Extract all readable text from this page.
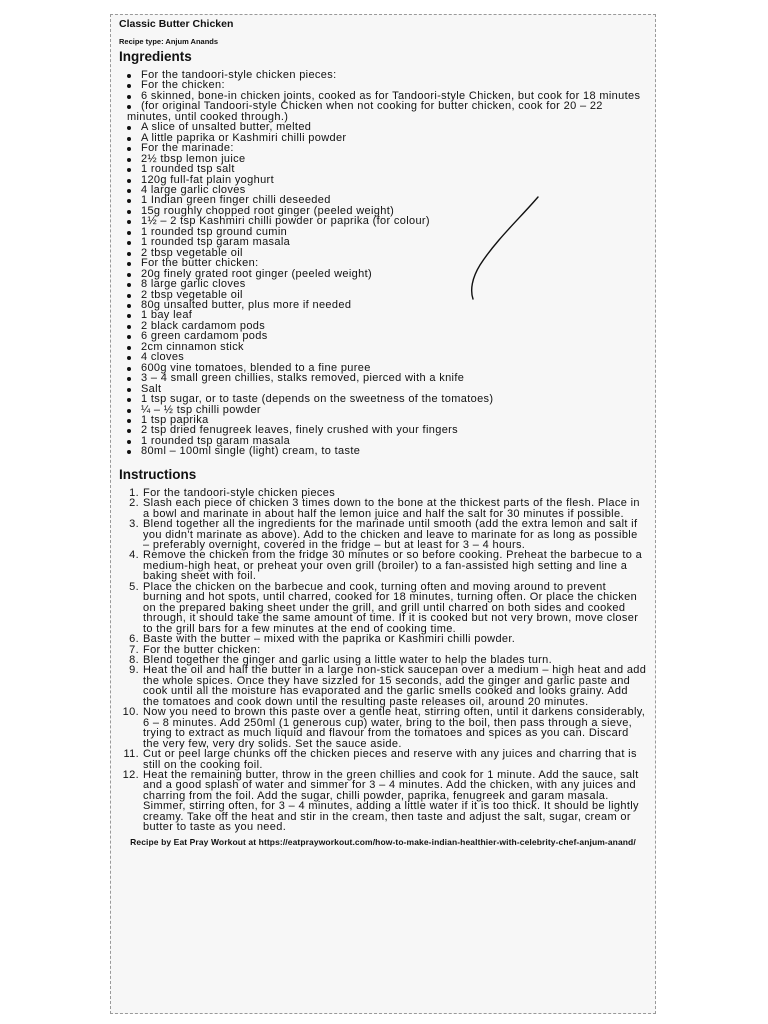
Classic Butter Chicken

Recipe type: Anjum Anands

Ingredients
For the tandoori-style chicken pieces:
For the chicken:
6 skinned, bone-in chicken joints, cooked as for Tandoori-style Chicken, but cook for 18 minutes
(for original Tandoori-style Chicken when not cooking for butter chicken, cook for 20 – 22 minutes, until cooked through.)
A slice of unsalted butter, melted
A little paprika or Kashmiri chilli powder
For the marinade:
2½ tbsp lemon juice
1 rounded tsp salt
120g full-fat plain yoghurt
4 large garlic cloves
1 Indian green finger chilli deseeded
15g roughly chopped root ginger (peeled weight)
1½ – 2 tsp Kashmiri chilli powder or paprika (for colour)
1 rounded tsp ground cumin
1 rounded tsp garam masala
2 tbsp vegetable oil
For the butter chicken:
20g finely grated root ginger (peeled weight)
8 large garlic cloves
2 tbsp vegetable oil
80g unsalted butter, plus more if needed
1 bay leaf
2 black cardamom pods
6 green cardamom pods
2cm cinnamon stick
4 cloves
600g vine tomatoes, blended to a fine puree
3 – 4 small green chillies, stalks removed, pierced with a knife
Salt
1 tsp sugar, or to taste (depends on the sweetness of the tomatoes)
¼ – ½ tsp chilli powder
1 tsp paprika
2 tsp dried fenugreek leaves, finely crushed with your fingers
1 rounded tsp garam masala
80ml – 100ml single (light) cream, to taste
Instructions
1. For the tandoori-style chicken pieces
2. Slash each piece of chicken 3 times down to the bone at the thickest parts of the flesh. Place in a bowl and marinate in about half the lemon juice and half the salt for 30 minutes if possible.
3. Blend together all the ingredients for the marinade until smooth (add the extra lemon and salt if you didn't marinate as above). Add to the chicken and leave to marinate for as long as possible – preferably overnight, covered in the fridge – but at least for 3 – 4 hours.
4. Remove the chicken from the fridge 30 minutes or so before cooking. Preheat the barbecue to a medium-high heat, or preheat your oven grill (broiler) to a fan-assisted high setting and line a baking sheet with foil.
5. Place the chicken on the barbecue and cook, turning often and moving around to prevent burning and hot spots, until charred, cooked for 18 minutes, turning often. Or place the chicken on the prepared baking sheet under the grill, and grill until charred on both sides and cooked through, it should take the same amount of time. If it is cooked but not very brown, move closer to the grill bars for a few minutes at the end of cooking time.
6. Baste with the butter – mixed with the paprika or Kashmiri chilli powder.
7. For the butter chicken:
8. Blend together the ginger and garlic using a little water to help the blades turn.
9. Heat the oil and half the butter in a large non-stick saucepan over a medium – high heat and add the whole spices. Once they have sizzled for 15 seconds, add the ginger and garlic paste and cook until all the moisture has evaporated and the garlic smells cooked and looks grainy. Add the tomatoes and cook down until the resulting paste releases oil, around 20 minutes.
10. Now you need to brown this paste over a gentle heat, stirring often, until it darkens considerably, 6 – 8 minutes. Add 250ml (1 generous cup) water, bring to the boil, then pass through a sieve, trying to extract as much liquid and flavour from the tomatoes and spices as you can. Discard the very few, very dry solids. Set the sauce aside.
11. Cut or peel large chunks off the chicken pieces and reserve with any juices and charring that is still on the cooking foil.
12. Heat the remaining butter, throw in the green chillies and cook for 1 minute. Add the sauce, salt and a good splash of water and simmer for 3 – 4 minutes. Add the chicken, with any juices and charring from the foil. Add the sugar, chilli powder, paprika, fenugreek and garam masala. Simmer, stirring often, for 3 – 4 minutes, adding a little water if it is too thick. It should be lightly creamy. Take off the heat and stir in the cream, then taste and adjust the salt, sugar, cream or butter to taste as you need.
Recipe by Eat Pray Workout at https://eatprayworkout.com/how-to-make-indian-healthier-with-celebrity-chef-anjum-anand/
